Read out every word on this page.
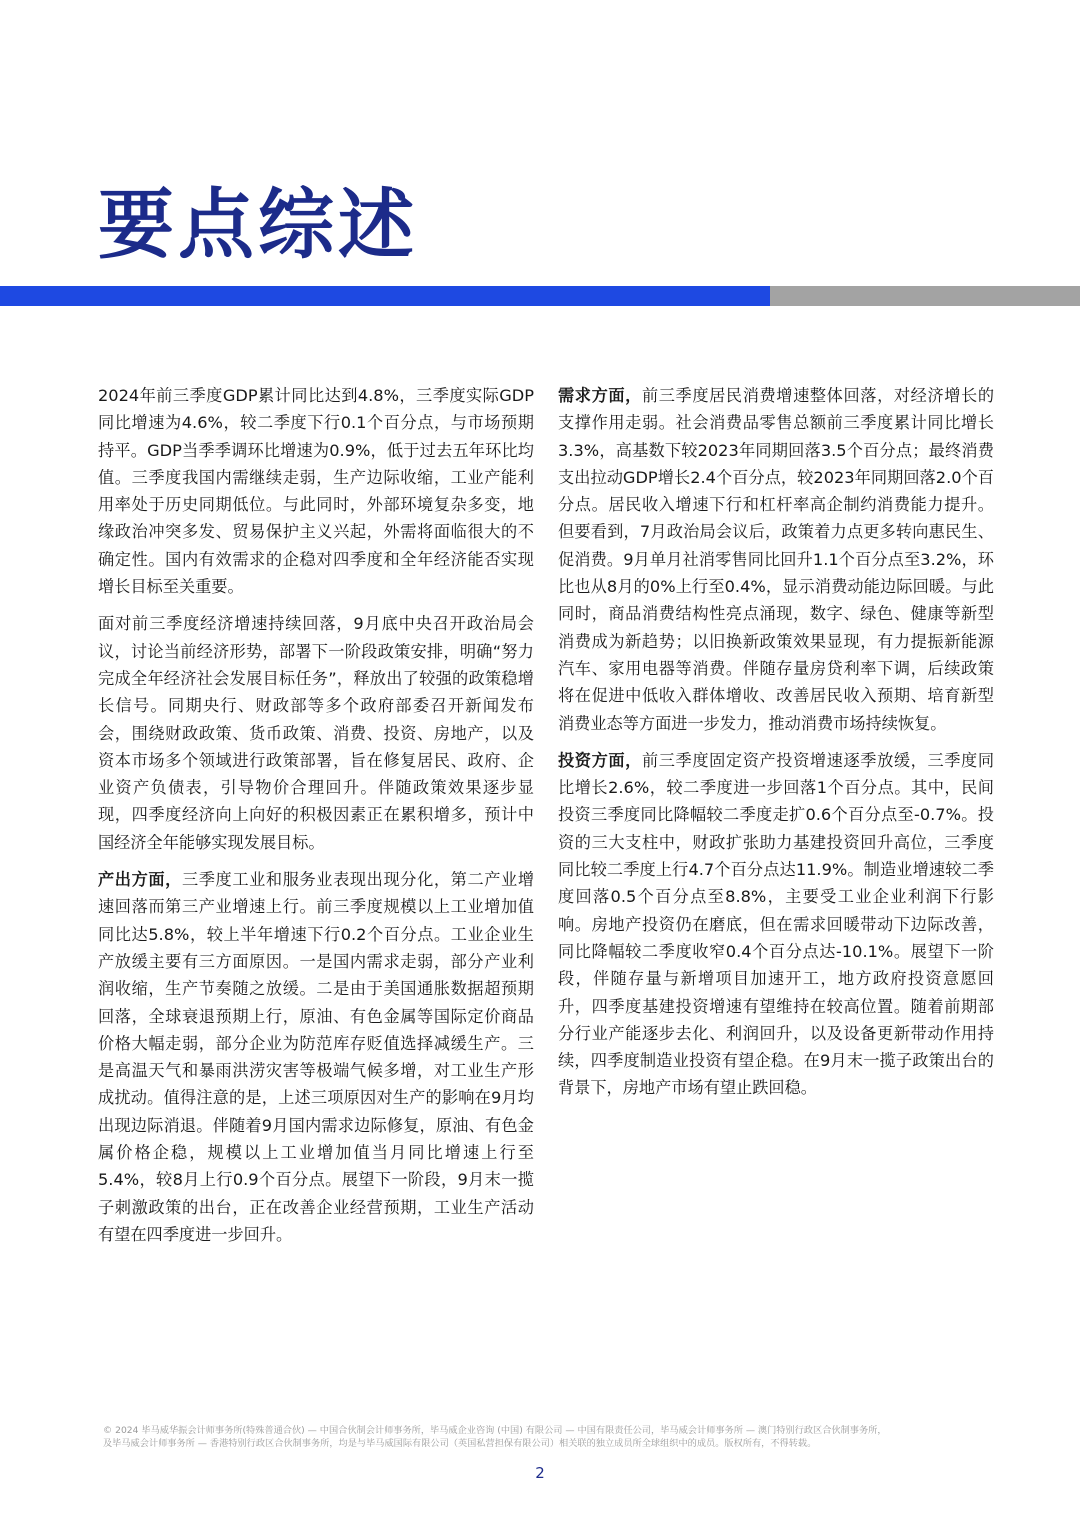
要点综述

2024年前三季度GDP累计同比达到4.8%，三季度实际GDP同比增速为4.6%，较二季度下行0.1个百分点，与市场预期持平。GDP当季季调环比增速为0.9%，低于过去五年环比均值。三季度我国内需继续走弱，生产边际收缩，工业产能利用率处于历史同期低位。与此同时，外部环境复杂多变，地缘政治冲突多发、贸易保护主义兴起，外需将面临很大的不确定性。国内有效需求的企稳对四季度和全年经济能否实现增长目标至关重要。

面对前三季度经济增速持续回落，9月底中央召开政治局会议，讨论当前经济形势，部署下一阶段政策安排，明确“努力完成全年经济社会发展目标任务”，释放出了较强的政策稳增长信号。同期央行、财政部等多个政府部委召开新闻发布会，围绕财政政策、货币政策、消费、投资、房地产，以及资本市场多个领域进行政策部署，旨在修复居民、政府、企业资产负债表，引导物价合理回升。伴随政策效果逐步显现，四季度经济向上向好的积极因素正在累积增多，预计中国经济全年能够实现发展目标。

产出方面，三季度工业和服务业表现出现分化，第二产业增速回落而第三产业增速上行。前三季度规模以上工业增加值同比达5.8%，较上半年增速下行0.2个百分点。工业企业生产放缓主要有三方面原因。一是国内需求走弱，部分产业利润收缩，生产节奏随之放缓。二是由于美国通胀数据超预期回落，全球衰退预期上行，原油、有色金属等国际定价商品价格大幅走弱，部分企业为防范库存贬值选择减缓生产。三是高温天气和暴雨洪涝灾害等极端气候多增，对工业生产形成扰动。值得注意的是，上述三项原因对生产的影响在9月均出现边际消退。伴随着9月国内需求边际修复，原油、有色金属价格企稳，规模以上工业增加值当月同比增速上行至5.4%，较8月上行0.9个百分点。展望下一阶段，9月末一揽子刺激政策的出台，正在改善企业经营预期，工业生产活动有望在四季度进一步回升。

需求方面，前三季度居民消费增速整体回落，对经济增长的支撑作用走弱。社会消费品零售总额前三季度累计同比增长3.3%，高基数下较2023年同期回落3.5个百分点；最终消费支出拉动GDP增长2.4个百分点，较2023年同期回落2.0个百分点。居民收入增速下行和杠杆率高企制约消费能力提升。但要看到，7月政治局会议后，政策着力点更多转向惠民生、促消费。9月单月社消零售同比回升1.1个百分点至3.2%，环比也从8月的0%上行至0.4%，显示消费动能边际回暖。与此同时，商品消费结构性亮点涌现，数字、绿色、健康等新型消费成为新趋势；以旧换新政策效果显现，有力提振新能源汽车、家用电器等消费。伴随存量房贷利率下调，后续政策将在促进中低收入群体增收、改善居民收入预期、培育新型消费业态等方面进一步发力，推动消费市场持续恢复。

投资方面，前三季度固定资产投资增速逐季放缓，三季度同比增长2.6%，较二季度进一步回落1个百分点。其中，民间投资三季度同比降幅较二季度走扩0.6个百分点至-0.7%。投资的三大支柱中，财政扩张助力基建投资回升高位，三季度同比较二季度上行4.7个百分点达11.9%。制造业增速较二季度回落0.5个百分点至8.8%，主要受工业企业利润下行影响。房地产投资仍在磨底，但在需求回暖带动下边际改善，同比降幅较二季度收窄0.4个百分点达-10.1%。展望下一阶段，伴随存量与新增项目加速开工，地方政府投资意愿回升，四季度基建投资增速有望维持在较高位置。随着前期部分行业产能逐步去化、利润回升，以及设备更新带动作用持续，四季度制造业投资有望企稳。在9月末一揽子政策出台的背景下，房地产市场有望止跌回稳。

© 2024 毕马威华振会计师事务所(特殊普通合伙) — 中国合伙制会计师事务所，毕马威企业咨询 (中国) 有限公司 — 中国有限责任公司，毕马威会计师事务所 — 澳门特别行政区合伙制事务所，
及毕马威会计师事务所 — 香港特别行政区合伙制事务所，均是与毕马威国际有限公司（英国私营担保有限公司）相关联的独立成员所全球组织中的成员。版权所有，不得转载。
2
